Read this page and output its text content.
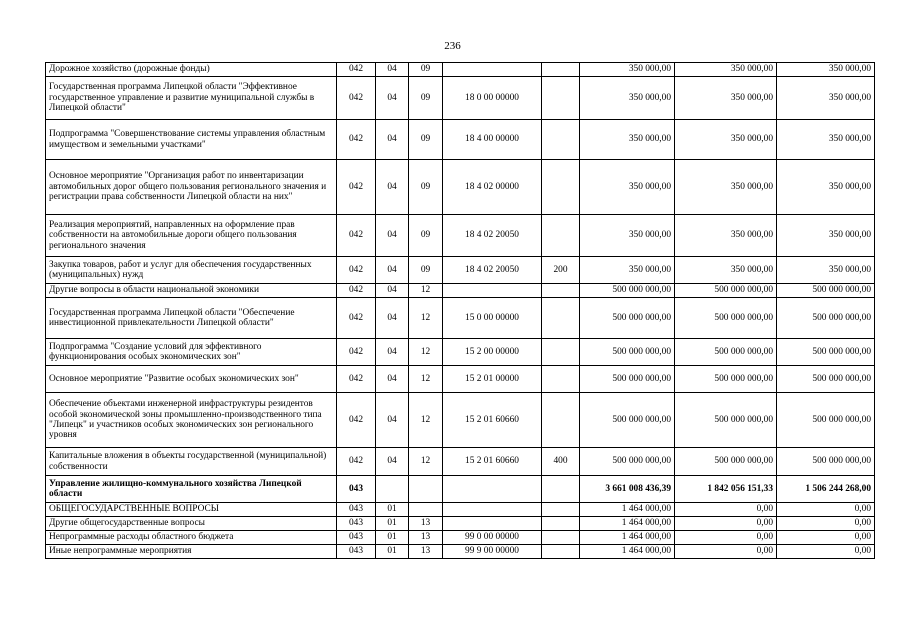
236
Дорожное хозяйство (дорожные фонды)	042	04	09			350 000,00	350 000,00	350 000,00
Государственная программа Липецкой области "Эффективное государственное управление и развитие муниципальной службы в Липецкой области"	042	04	09	18 0 00 00000		350 000,00	350 000,00	350 000,00
Подпрограмма "Совершенствование системы управления областным имуществом и земельными участками"	042	04	09	18 4 00 00000		350 000,00	350 000,00	350 000,00
Основное мероприятие "Организация работ по инвентаризации автомобильных дорог общего пользования регионального значения и регистрации права собственности Липецкой области на них"	042	04	09	18 4 02 00000		350 000,00	350 000,00	350 000,00
Реализация мероприятий, направленных на оформление прав собственности на автомобильные дороги общего пользования регионального значения	042	04	09	18 4 02 20050		350 000,00	350 000,00	350 000,00
Закупка товаров, работ и услуг для обеспечения государственных (муниципальных) нужд	042	04	09	18 4 02 20050	200	350 000,00	350 000,00	350 000,00
Другие вопросы в области национальной экономики	042	04	12			500 000 000,00	500 000 000,00	500 000 000,00
Государственная программа Липецкой области "Обеспечение инвестиционной привлекательности Липецкой области"	042	04	12	15 0 00 00000		500 000 000,00	500 000 000,00	500 000 000,00
Подпрограмма "Создание условий для эффективного функционирования особых экономических зон"	042	04	12	15 2 00 00000		500 000 000,00	500 000 000,00	500 000 000,00
Основное мероприятие "Развитие особых экономических зон"	042	04	12	15 2 01 00000		500 000 000,00	500 000 000,00	500 000 000,00
Обеспечение объектами инженерной инфраструктуры резидентов особой экономической зоны промышленно-производственного типа "Липецк" и участников особых экономических зон регионального уровня	042	04	12	15 2 01 60660		500 000 000,00	500 000 000,00	500 000 000,00
Капитальные вложения в объекты государственной (муниципальной) собственности	042	04	12	15 2 01 60660	400	500 000 000,00	500 000 000,00	500 000 000,00
Управление жилищно-коммунального хозяйства Липецкой области	043					3 661 008 436,39	1 842 056 151,33	1 506 244 268,00
ОБЩЕГОСУДАРСТВЕННЫЕ ВОПРОСЫ	043	01				1 464 000,00	0,00	0,00
Другие общегосударственные вопросы	043	01	13			1 464 000,00	0,00	0,00
Непрограммные расходы областного бюджета	043	01	13	99 0 00 00000		1 464 000,00	0,00	0,00
Иные непрограммные мероприятия	043	01	13	99 9 00 00000		1 464 000,00	0,00	0,00
